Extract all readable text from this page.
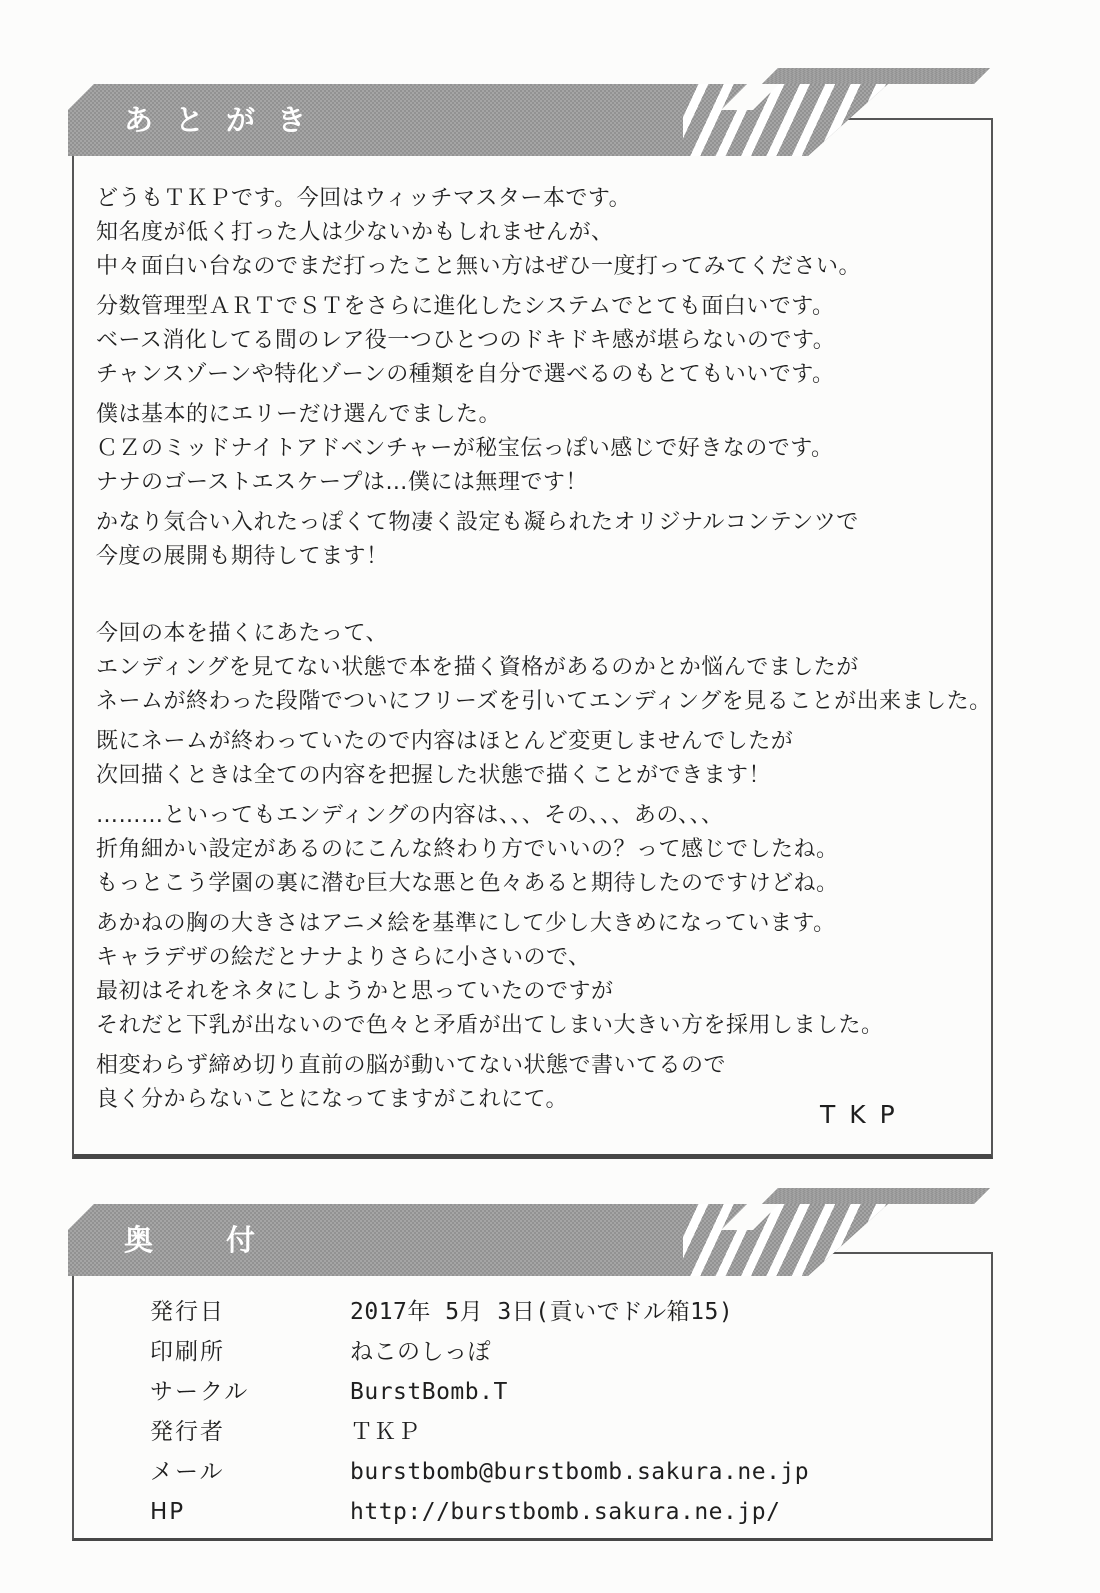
あとがき
どうもＴＫＰです。今回はウィッチマスター本です。
知名度が低く打った人は少ないかもしれませんが、
中々面白い台なのでまだ打ったこと無い方はぜひ一度打ってみてください。
分数管理型ＡＲＴでＳＴをさらに進化したシステムでとても面白いです。
ベース消化してる間のレア役一つひとつのドキドキ感が堪らないのです。
チャンスゾーンや特化ゾーンの種類を自分で選べるのもとてもいいです。
僕は基本的にエリーだけ選んでました。
ＣＺのミッドナイトアドベンチャーが秘宝伝っぽい感じで好きなのです。
ナナのゴーストエスケープは…僕には無理です！
かなり気合い入れたっぽくて物凄く設定も凝られたオリジナルコンテンツで
今度の展開も期待してます！
今回の本を描くにあたって、
エンディングを見てない状態で本を描く資格があるのかとか悩んでましたが
ネームが終わった段階でついにフリーズを引いてエンディングを見ることが出来ました。
既にネームが終わっていたので内容はほとんど変更しませんでしたが
次回描くときは全ての内容を把握した状態で描くことができます！
………といってもエンディングの内容は、、、その、、、あの、、、
折角細かい設定があるのにこんな終わり方でいいの？って感じでしたね。
もっとこう学園の裏に潜む巨大な悪と色々あると期待したのですけどね。
あかねの胸の大きさはアニメ絵を基準にして少し大きめになっています。
キャラデザの絵だとナナよりさらに小さいので、
最初はそれをネタにしようかと思っていたのですが
それだと下乳が出ないので色々と矛盾が出てしまい大きい方を採用しました。
相変わらず締め切り直前の脳が動いてない状態で書いてるので
良く分からないことになってますがこれにて。
TKP
奥　付
発行日	2017年 5月 3日(貢いでドル箱15)
印刷所	ねこのしっぽ
サークル	BurstBomb.T
発行者	ＴＫＰ
メール	burstbomb@burstbomb.sakura.ne.jp
HP	http://burstbomb.sakura.ne.jp/
